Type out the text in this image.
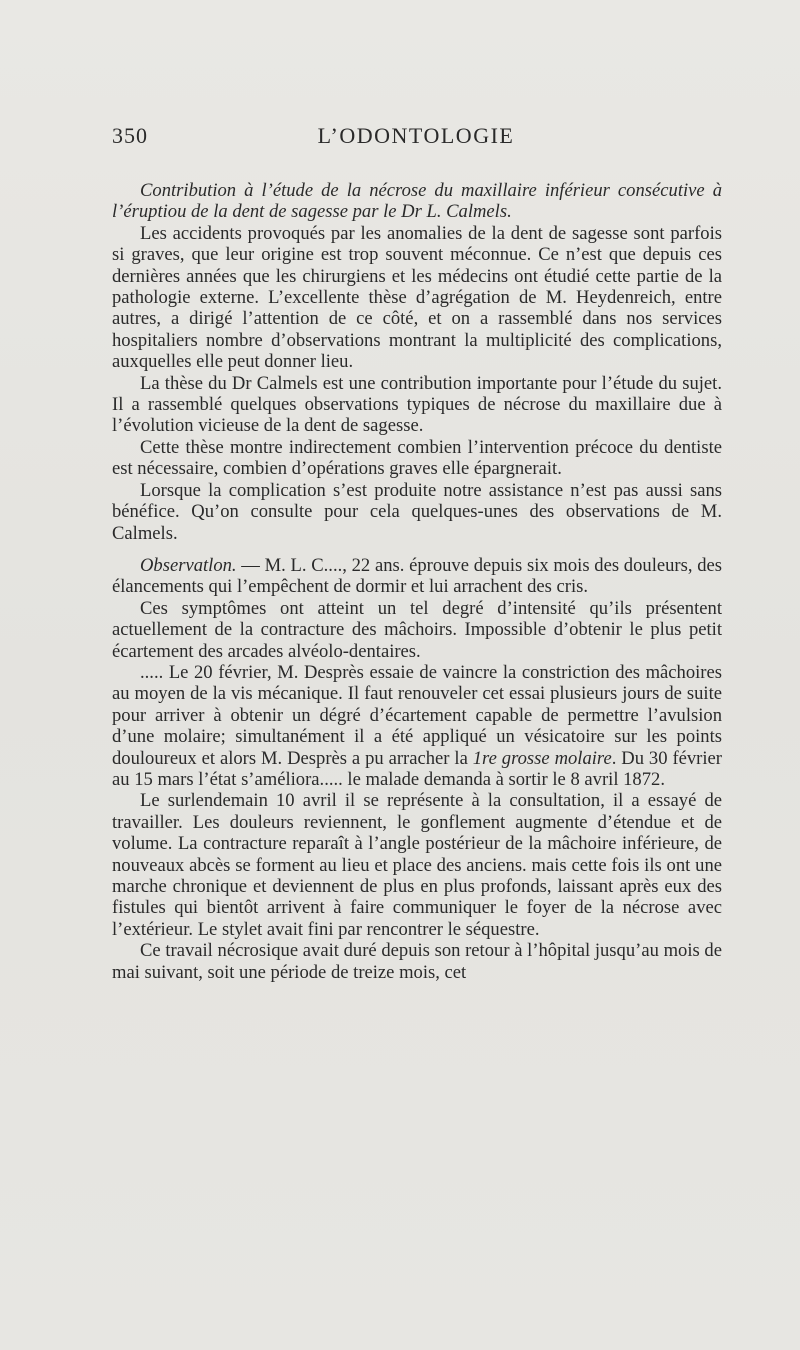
350	L’ODONTOLOGIE

Contribution à l’étude de la nécrose du maxillaire inférieur consécutive à l’éruptiou de la dent de sagesse par le Dr L. Calmels.

Les accidents provoqués par les anomalies de la dent de sagesse sont parfois si graves, que leur origine est trop souvent méconnue. Ce n’est que depuis ces dernières années que les chirurgiens et les médecins ont étudié cette partie de la pathologie externe. L’excellente thèse d’agrégation de M. Heydenreich, entre autres, a dirigé l’attention de ce côté, et on a rassemblé dans nos services hospitaliers nombre d’observations montrant la multiplicité des complications, auxquelles elle peut donner lieu.

La thèse du Dr Calmels est une contribution importante pour l’étude du sujet. Il a rassemblé quelques observations typiques de nécrose du maxillaire due à l’évolution vicieuse de la dent de sagesse.

Cette thèse montre indirectement combien l’intervention précoce du dentiste est nécessaire, combien d’opérations graves elle épargnerait.

Lorsque la complication s’est produite notre assistance n’est pas aussi sans bénéfice. Qu’on consulte pour cela quelques-unes des observations de M. Calmels.

Observatlon. — M. L. C...., 22 ans. éprouve depuis six mois des douleurs, des élancements qui l’empêchent de dormir et lui arrachent des cris.

Ces symptômes ont atteint un tel degré d’intensité qu’ils présentent actuellement de la contracture des mâchoirs. Impossible d’obtenir le plus petit écartement des arcades alvéolo-dentaires.

..... Le 20 février, M. Desprès essaie de vaincre la constriction des mâchoires au moyen de la vis mécanique. Il faut renouveler cet essai plusieurs jours de suite pour arriver à obtenir un dégré d’écartement capable de permettre l’avulsion d’une molaire; simultanément il a été appliqué un vésicatoire sur les points douloureux et alors M. Desprès a pu arracher la 1re grosse molaire. Du 30 février au 15 mars l’état s’améliora..... le malade demanda à sortir le 8 avril 1872.

Le surlendemain 10 avril il se représente à la consultation, il a essayé de travailler. Les douleurs reviennent, le gonflement augmente d’étendue et de volume. La contracture reparaît à l’angle postérieur de la mâchoire inférieure, de nouveaux abcès se forment au lieu et place des anciens. mais cette fois ils ont une marche chronique et deviennent de plus en plus profonds, laissant après eux des fistules qui bientôt arrivent à faire communiquer le foyer de la nécrose avec l’extérieur. Le stylet avait fini par rencontrer le séquestre.

Ce travail nécrosique avait duré depuis son retour à l’hôpital jusqu’au mois de mai suivant, soit une période de treize mois, cet
